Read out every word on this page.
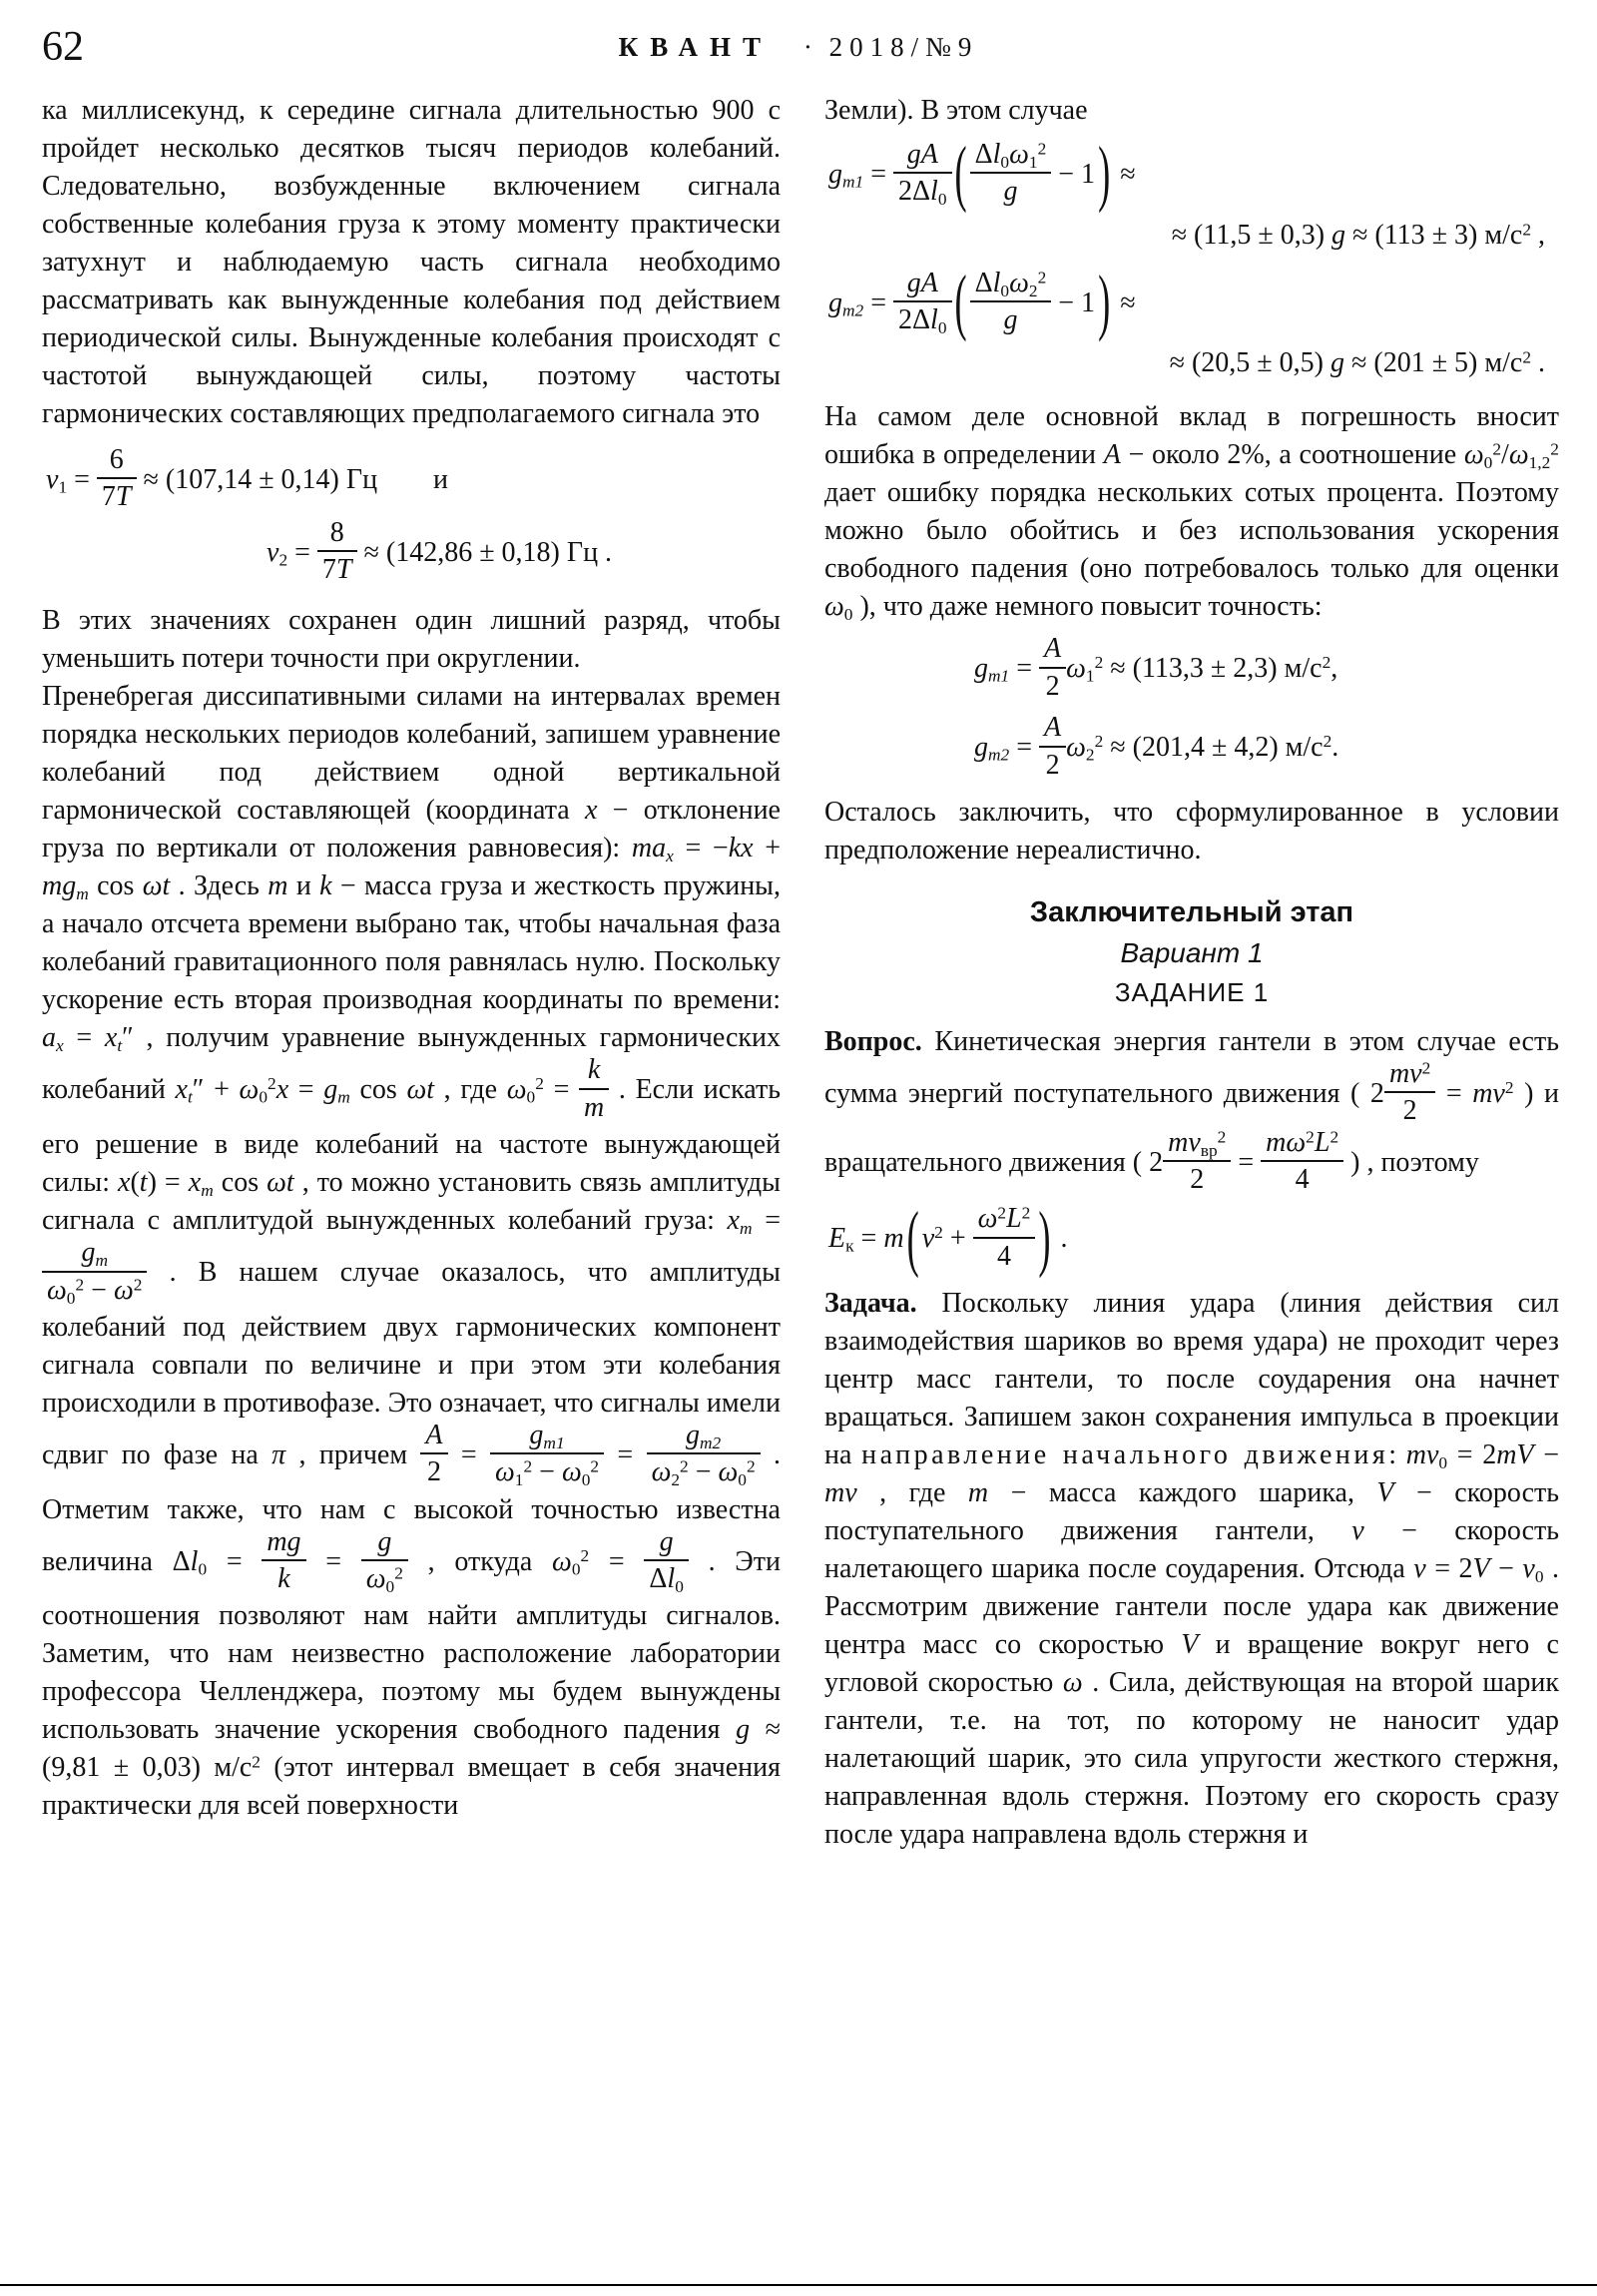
62	КВАНТ · 2018/№9

ка миллисекунд, к середине сигнала длительностью 900 с пройдет несколько десятков тысяч периодов колебаний. Следовательно, возбужденные включением сигнала собственные колебания груза к этому моменту практически затухнут и наблюдаемую часть сигнала необходимо рассматривать как вынужденные колебания под действием периодической силы. Вынужденные колебания происходят с частотой вынуждающей силы, поэтому частоты гармонических составляющих предполагаемого сигнала это

$\nu_1 = \frac{6}{7T} \approx (107,14 \pm 0,14)$ Гц  и
$\nu_2 = \frac{8}{7T} \approx (142,86 \pm 0,18)$ Гц .

В этих значениях сохранен один лишний разряд, чтобы уменьшить потери точности при округлении.

Пренебрегая диссипативными силами на интервалах времен порядка нескольких периодов колебаний, запишем уравнение колебаний под действием одной вертикальной гармонической составляющей (координата x − отклонение груза по вертикали от положения равновесия): $ma_x = -kx + mg_m$ cos ωt . Здесь m и k − масса груза и жесткость пружины, а начало отсчета времени выбрано так, чтобы начальная фаза колебаний гравитационного поля равнялась нулю. Поскольку ускорение есть вторая производная координаты по времени: $a_x = x_t''$ , получим уравнение вынужденных гармонических колебаний $x_t'' + \omega_0^2x = g_m$ cos ωt , где $\omega_0^2 = \frac{k}{m}$ . Если искать его решение в виде колебаний на частоте вынуждающей силы: $x(t) = x_m$ cos ωt , то можно установить связь амплитуды сигнала с амплитудой вынужденных колебаний груза: $x_m$ =
$\frac{g_m}{\omega_0^2 - \omega^2}$ . В нашем случае оказалось, что амплитуды колебаний под действием двух гармонических компонент сигнала совпали по величине и при этом эти колебания происходили в противофазе. Это означает, что сигналы имели сдвиг по фазе на π , причем $\frac{A}{2} = \frac{g_{m1}}{\omega_1^2 - \omega_0^2} = \frac{g_{m2}}{\omega_2^2 - \omega_0^2}$ . Отметим также, что нам с высокой точностью известна величина $\Delta l_0 = \frac{mg}{k} = \frac{g}{\omega_0^2}$ , откуда $\omega_0^2 = \frac{g}{\Delta l_0}$ . Эти соотношения позволяют нам найти амплитуды сигналов. Заметим, что нам неизвестно расположение лаборатории профессора Челленджера, поэтому мы будем вынуждены использовать значение ускорения свободного падения g ≈ (9,81 ± 0,03) $м/с^2$ (этот интервал вмещает в себя значения практически для всей поверхности

Земли). В этом случае

$g_{m1} = \frac{gA}{2\Delta l_0}$ ( $\frac{\Delta l_0\omega_1^2}{g} - 1$) ≈
≈ (11,5 ± 0,3) g ≈ (113 ± 3) $м/с^2$ ,
$g_{m2} = \frac{gA}{2\Delta l_0}$ ( $\frac{\Delta l_0\omega_2^2}{g} - 1$) ≈
≈ (20,5 ± 0,5) g ≈ (201 ± 5) $м/с^2$ .

На самом деле основной вклад в погрешность вносит ошибка в определении A − около 2%, а соотношение $\omega_0^2/\omega_{1,2}^2$ дает ошибку порядка нескольких сотых процента. Поэтому можно было обойтись и без использования ускорения свободного падения (оно потребовалось только для оценки $\omega_0$ ), что даже немного повысит точность:

$g_{m1} = \frac{A}{2} \omega_1^2 \approx (113,3 \pm 2,3)$ $м/с^2$,
$g_{m2} = \frac{A}{2} \omega_2^2 \approx (201,4 \pm 4,2)$ $м/с^2$.

Осталось заключить, что сформулированное в условии предположение нереалистично.

Заключительный этап
Вариант 1
ЗАДАНИЕ 1

Вопрос. Кинетическая энергия гантели в этом случае есть сумма энергий поступательного движения ( $2 \frac{mv^2}{2} = mv^2$ ) и вращательного движения ( $2 \frac{mv_{вр}^2}{2} = \frac{m\omega^2L^2}{4}$ ) , поэтому

$E_к = m$( $v^2 + \frac{\omega^2L^2}{4}$ ) .

Задача. Поскольку линия удара (линия действия сил взаимодействия шариков во время удара) не проходит через центр масс гантели, то после соударения она начнет вращаться. Запишем закон сохранения импульса в проекции на направление начального движения: $mv_0 = 2mV$ − mv , где m − масса каждого шарика, V − скорость поступательного движения гантели, v − скорость налетающего шарика после соударения. Отсюда $v = 2V - v_0$ . Рассмотрим движение гантели после удара как движение центра масс со скоростью V и вращение вокруг него с угловой скоростью ω . Сила, действующая на второй шарик гантели, т.е. на тот, по которому не наносит удар налетающий шарик, это сила упругости жесткого стержня, направленная вдоль стержня. Поэтому его скорость сразу после удара направлена вдоль стержня и
